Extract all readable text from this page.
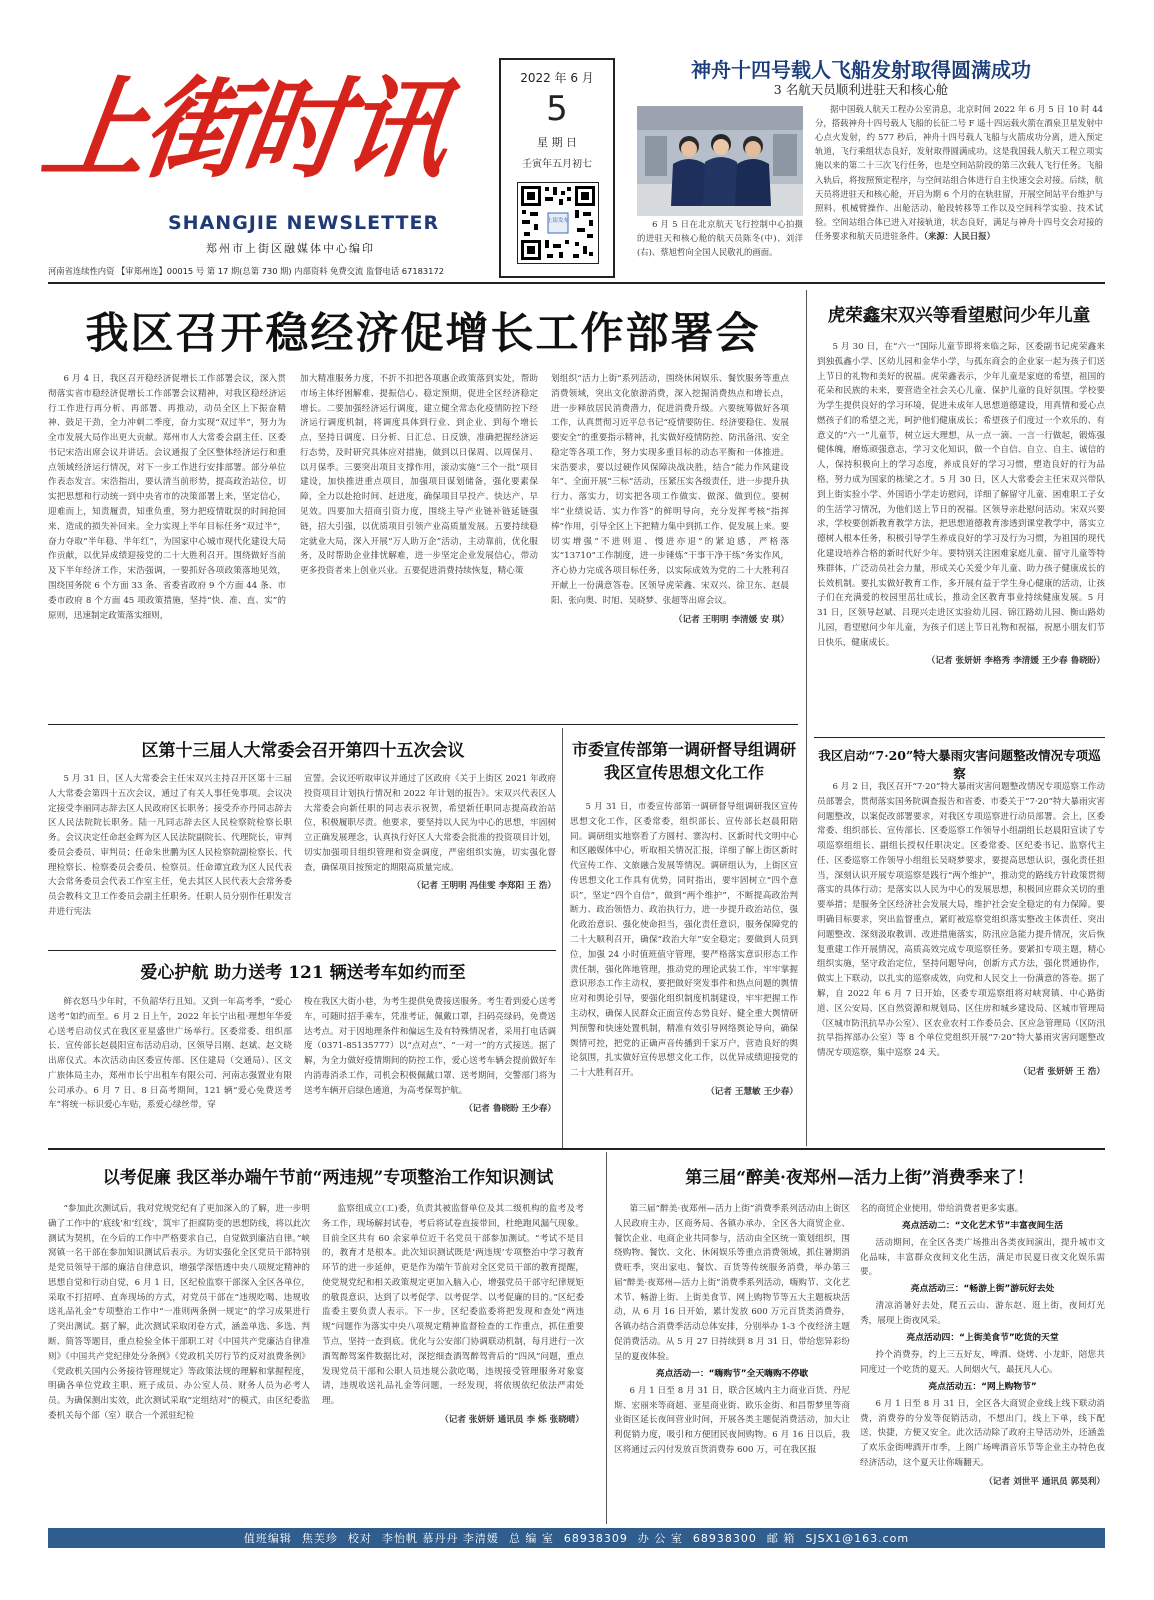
上街时讯
SHANGJIE NEWSLETTER
郑州市上街区融媒体中心编印
河南省连续性内资 【审郑州连】00015 号 第 17 期(总第 730 期) 内部资料 免费交流 监督电话 67183172
2022 年 6 月
5
星 期 日
壬寅年五月初七
上街发布
神舟十四号载人飞船发射取得圆满成功
3 名航天员顺利进驻天和核心舱
6 月 5 日在北京航天飞行控制中心拍摄的进驻天和核心舱的航天员陈冬(中)、刘洋(右)、蔡旭哲向全国人民敬礼的画面。
据中国载人航天工程办公室消息，北京时间 2022 年 6 月 5 日 10 时 44 分，搭载神舟十四号载人飞船的长征二号 F 遥十四运载火箭在酒泉卫星发射中心点火发射，约 577 秒后，神舟十四号载人飞船与火箭成功分离，进入预定轨道，飞行乘组状态良好，发射取得圆满成功。这是我国载人航天工程立项实施以来的第二十三次飞行任务，也是空间站阶段的第三次载人飞行任务。飞船入轨后，将按照预定程序，与空间站组合体进行自主快速交会对接。后续，航天员将进驻天和核心舱，开启为期 6 个月的在轨驻留，开展空间站平台维护与照料、机械臂操作、出舱活动、舱段转移等工作以及空间科学实验、技术试验。空间站组合体已进入对接轨道，状态良好，满足与神舟十四号交会对接的任务要求和航天员进驻条件。（来源：人民日报）
我区召开稳经济促增长工作部署会
6 月 4 日，我区召开稳经济促增长工作部署会议，深入贯彻落实省市稳经济促增长工作部署会议精神，对我区稳经济运行工作进行再分析、再部署、再推动，动员全区上下振奋精神、鼓足干劲，全力冲刺二季度，奋力实现“双过半”，努力为全市发展大局作出更大贡献。郑州市人大常委会副主任、区委书记宋浩出席会议并讲话。会议通报了全区整体经济运行和重点领域经济运行情况，对下一步工作进行安排部署。部分单位作表态发言。宋浩指出，要认清当前形势，提高政治站位，切实把思想和行动统一到中央省市的决策部署上来，坚定信心，迎难而上，知责履责，知重负重，努力把疫情耽误的时间抢回来、造成的损失补回来。全力实现上半年目标任务“双过半”，奋力夺取“半年稳、半年红”，为国家中心城市现代化建设大局作贡献，以优异成绩迎接党的二十大胜利召开。围绕做好当前及下半年经济工作，宋浩强调，一要抓好各项政策落地见效，围绕国务院 6 个方面 33 条、省委省政府 9 个方面 44 条、市委市政府 8 个方面 45 项政策措施，坚持“快、准、直、实”的原则，迅速制定政策落实细则，
加大精准服务力度，不折不扣把各项惠企政策落到实处，帮助市场主体纾困解难、提振信心、稳定预期，促进全区经济稳定增长。二要加强经济运行调度，建立健全常态化疫情防控下经济运行调度机制，将调度具体到行业、到企业、到每个增长点，坚持日调度、日分析、日汇总、日反馈，准确把握经济运行态势，及时研究具体应对措施，做到以日保周、以周保月、以月保季。三要突出项目支撑作用，滚动实施“三个一批”项目建设，加快推进重点项目，加强项目谋划储备，强化要素保障，全力以赴抢时间、赶进度，确保项目早投产、快达产、早见效。四要加大招商引资力度，围绕主导产业链补链延链强链，招大引强，以优质项目引领产业高质量发展。五要持续稳定就业大局，深入开展“万人助万企”活动，主动靠前，优化服务，及时帮助企业排忧解难，进一步坚定企业发展信心，带动更多投资者来上创业兴业。五要促进消费持续恢复，精心策
划组织“活力上街”系列活动，围绕休闲娱乐、餐饮服务等重点消费领域，突出文化旅游消费，深入挖掘消费热点和增长点，进一步释放居民消费潜力，促进消费升级。六要统筹做好各项工作，认真贯彻习近平总书记“疫情要防住、经济要稳住、发展要安全”的重要指示精神，扎实做好疫情防控、防汛备汛、安全稳定等各项工作，努力实现多重目标的动态平衡和一体推进。宋浩要求，要以过硬作风保障决战决胜，结合“能力作风建设年”、全面开展“三标”活动，压紧压实各级责任，进一步提升执行力、落实力，切实把各项工作做实、做深、做到位。要树牢“业绩说话、实力作答”的鲜明导向，充分发挥考核“指挥棒”作用，引导全区上下把精力集中到抓工作、促发展上来。要切实增强“不进则退、慢进亦退”的紧迫感，严格落实“13710”工作制度，进一步锤炼“干事干净干练”务实作风，齐心协力完成各项目标任务，以实际成效为党的二十大胜利召开献上一份满意答卷。区领导虎荣鑫、宋双兴、徐卫东、赵晨阳、张向奥、时旭、吴晓梦、张超等出席会议。
（记者 王明明 李清媛 安 琪）
虎荣鑫宋双兴等看望慰问少年儿童
5 月 30 日，在“六一”国际儿童节即将来临之际，区委副书记虎荣鑫来到独孤鑫小学、区幼儿园和金华小学，与孤东商会的企业家一起为孩子们送上节日的礼物和美好的祝福。虎荣鑫表示，少年儿童是家庭的希望，祖国的花朵和民族的未来，要营造全社会关心儿童、保护儿童的良好氛围。学校要为学生提供良好的学习环境，促进未成年人思想道德建设，用真情和爱心点燃孩子们的希望之光，呵护他们健康成长；希望孩子们度过一个欢乐的、有意义的“六一”儿童节，树立远大理想，从一点一滴、一言一行做起，锻炼强健体魄，磨炼顽强意志，学习文化知识，做一个自信、自立、自主、诚信的人，保持积极向上的学习态度，养成良好的学习习惯，塑造良好的行为品格，努力成为国家的栋梁之才。5 月 30 日，区人大常委会主任宋双兴带队到上街实验小学、外国语小学走访慰问，详细了解留守儿童、困难职工子女的生活学习情况，为他们送上节日的祝福。区领导亲赴慰问活动。宋双兴要求，学校要创新教育教学方法，把思想道德教育渗透到课堂教学中，落实立德树人根本任务，积极引导学生养成良好的学习及行为习惯，为祖国的现代化建设培养合格的新时代好少年。要特别关注困难家庭儿童、留守儿童等特殊群体，广泛动员社会力量，形成关心关爱少年儿童、助力孩子健康成长的长效机制。要扎实做好教育工作，多开展有益于学生身心健康的活动，让孩子们在充满爱的校园里茁壮成长，推动全区教育事业持续健康发展。5 月 31 日，区领导赵斌、吕现兴走进区实验幼儿园、锦江路幼儿园、衡山路幼儿园，看望慰问少年儿童，为孩子们送上节日礼物和祝福，祝愿小朋友们节日快乐，健康成长。
（记者 张妍妍 李格秀 李清媛 王少春 鲁晓盼）
我区启动“7·20”特大暴雨灾害问题整改情况专项巡察
6 月 2 日，我区召开“7·20”特大暴雨灾害问题整改情况专项巡察工作动员部署会，贯彻落实国务院调查报告和省委、市委关于“7·20”特大暴雨灾害问题整改，以案促改部署要求，对我区专项巡察进行动员部署。会上，区委常委、组织部长、宣传部长、区委巡察工作领导小组副组长赵晨阳宣读了专项巡察组组长、副组长授权任职决定。区委常委、区纪委书记、监察代主任、区委巡察工作领导小组组长吴晓梦要求，要提高思想认识，强化责任担当，深刻认识开展专项巡察是践行“两个维护”，推动党的路线方针政策贯彻落实的具体行动；是落实以人民为中心的发展思想，积极回应群众关切的重要举措；是服务全区经济社会发展大局，维护社会安全稳定的有力保障。要明确目标要求，突出监督重点，紧盯被巡察党组织落实整改主体责任、突出问题整改、深刻汲取教训、改进措施落实，防汛应急能力提升情况，灾后恢复重建工作开展情况，高质高效完成专项巡察任务。要紧扣专项主题，精心组织实施，坚守政治定位，坚持问题导向，创新方式方法，强化贯通协作，做实上下联动，以扎实的巡察成效，向党和人民交上一份满意的答卷。据了解，自 2022 年 6 月 7 日开始，区委专项巡察组将对峡窝镇、中心路街道、区公安局、区自然资源和规划局、区住房和城乡建设局、区城市管理局（区城市防汛抗旱办公室）、区农业农村工作委员会、区应急管理局（区防汛抗旱指挥部办公室）等 8 个单位党组织开展“7·20”特大暴雨灾害问题整改情况专项巡察，集中巡察 24 天。
（记者 张妍妍 王 浩）
区第十三届人大常委会召开第四十五次会议
5 月 31 日，区人大常委会主任宋双兴主持召开区第十三届人大常委会第四十五次会议，通过了有关人事任免事项。会议决定接受李丽同志辞去区人民政府区长职务；接受乔亦丹同志辞去区人民法院院长职务。陆一凡同志辞去区人民检察院检察长职务。会议决定任命赵金辉为区人民法院副院长、代理院长，审判委员会委员、审判员；任命朱世鹏为区人民检察院副检察长、代理检察长、检察委员会委员、检察员。任命谭宜政为区人民代表大会常务委员会代表工作室主任，免去其区人民代表大会常务委员会教科文卫工作委员会副主任职务。任职人员分别作任职发言并进行宪法
宣誓。会议还听取审议并通过了区政府《关于上街区 2021 年政府投资项目计划执行情况和 2022 年计划的报告》。宋双兴代表区人大常委会向新任职的同志表示祝贺，希望新任职同志提高政治站位，积极履职尽责。他要求，要坚持以人民为中心的思想，牢固树立正确发展理念，认真执行好区人大常委会批准的投资项目计划，切实加强项目组织管理和资金调度，严密组织实施，切实强化督查，确保项目按预定的期限高质量完成。
（记者 王明明 冯佳雯 李郑阳 王 浩）
市委宣传部第一调研督导组调研我区宣传思想文化工作
5 月 31 日，市委宣传部第一调研督导组调研我区宣传思想文化工作，区委常委，组织部长、宣传部长赵晨阳陪同。调研组实地察看了方圆村、寨沟村、区新时代文明中心和区融媒体中心，听取相关情况汇报，详细了解上街区新时代宣传工作、文旅融合发展等情况。调研组认为，上街区宣传思想文化工作具有优势，同时指出，要牢固树立“四个意识”，坚定“四个自信”，做到“两个维护”，不断提高政治判断力、政治领悟力、政治执行力，进一步提升政治站位，强化政治意识、强化使命担当，强化责任意识，服务保障党的二十大顺利召开，确保“政治大年”安全稳定；要做到人员到位，加强 24 小时值班值守管理，要严格落实意识形态工作责任制，强化阵地管理，推动党的理论武装工作，牢牢掌握意识形态工作主动权，要把做好突发事件和热点问题的舆情应对和舆论引导，要强化组织制度机制建设，牢牢把握工作主动权，确保人民群众正面宣传态势良好、健全重大舆情研判预警和快速处置机制，精准有效引导网络舆论导向，确保舆情可控，把党的正确声音传播到千家万户，营造良好的舆论氛围，扎实做好宣传思想文化工作，以优异成绩迎接党的二十大胜利召开。
（记者 王慧敏 王少春）
爱心护航 助力送考 121 辆送考车如约而至
鲜衣怒马少年时，不负韶华行且知。又到一年高考季，“爱心送考”如约而至。6 月 2 日上午，2022 年长宁出租·理想年华爱心送考启动仪式在我区亚星盛世广场举行。区委常委、组织部长、宣传部长赵晨阳宣布活动启动，区领导吕刚、赵斌、赵文晓出席仪式。本次活动由区委宣传部、区住建局（交通局）、区文广旅体局主办，郑州市长宁出租车有限公司、河南志强置业有限公司承办。6 月 7 日、8 日高考期间，121 辆“爱心免费送考车”将统一标识爱心车贴，系爱心绿丝带，穿
梭在我区大街小巷，为考生提供免费接送服务。考生看到爱心送考车，可随时招手乘车，凭准考证，佩戴口罩，扫码亮绿码，免费送达考点。对于因地理条件和偏远生及有特殊情况者，采用打电话调度（0371-85135777）以“点对点”、“一对一”的方式接送。据了解，为全力做好疫情期间的防控工作，爱心送考车辆会提前做好车内消毒消杀工作，司机会积极佩戴口罩、送考期间，交警部门将为送考车辆开启绿色通道，为高考保驾护航。
（记者 鲁晓盼 王少春）
以考促廉 我区举办端午节前“两违规”专项整治工作知识测试
“参加此次测试后，我对党规党纪有了更加深入的了解，进一步明确了工作中的‘底线’和‘红线’，筑牢了拒腐防变的思想防线，将以此次测试为契机，在今后的工作中严格要求自己，自觉做到廉洁自律。”峡窝镇一名干部在参加知识测试后表示。为切实强化全区党员干部特别是党员领导干部的廉洁自律意识，增强学深悟透中央八项规定精神的思想自觉和行动自觉，6 月 1 日，区纪检监察干部深入全区各单位，采取不打招呼、直奔现场的方式，对党员干部在“违规吃喝、违规收送礼品礼金”专项整治工作中“一准则两条例一规定”的学习成果进行了突出测试。据了解，此次测试采取闭卷方式，涵盖单选、多选、判断、简答等题目，重点检验全体干部职工对《中国共产党廉洁自律准则》《中国共产党纪律处分条例》《党政机关厉行节约反对浪费条例》《党政机关国内公务接待管理规定》等政策法规的理解和掌握程度，明确各单位党政主职、班子成员、办公室人员、财务人员为必考人员。为确保测出实效，此次测试采取“定组结对”的模式，由区纪委监委机关每个部（室）联合一个派驻纪检
监察组成立(工)委，负责其被监督单位及其二级机构的监考及考务工作，现场解封试卷，考后将试卷直接带回，杜绝跑风漏气现象。目前全区共有 60 余家单位近千名党员干部参加测试。“考试不是目的，教育才是根本。此次知识测试既是‘两违规’专项整治中学习教育环节的进一步延伸，更是作为端午节前对全区党员干部的教育提醒，使党规党纪和相关政策规定更加入脑入心，增强党员干部守纪律规矩的敬畏意识，达到了以考促学、以考促学、以考促廉的目的。”区纪委监委主要负责人表示。下一步，区纪委监委将把发现和查处“两违规”问题作为落实中央八项规定精神监督检查的工作重点，抓住重要节点，坚持一查到底。优化与公安部门协调联动机制，每月进行一次酒驾醉驾案件数据比对，深挖细查酒驾醉驾背后的“四风”问题，重点发现党员干部和公职人员违规公款吃喝，违规接受管理服务对象宴请，违规收送礼品礼金等问题，一经发现，将依规依纪依法严肃处理。
（记者 张妍妍 通讯员 李 烁 张晓晴）
第三届“醉美·夜郑州—活力上街”消费季来了！
第三届“醉美·夜郑州—活力上街”消费季系列活动由上街区人民政府主办，区商务局、各镇办承办，全区各大商贸企业、餐饮企业、电商企业共同参与，活动由全区统一策划组织，围绕购物、餐饮、文化、休闲娱乐等重点消费领域，抓住暑期消费旺季，突出家电、餐饮、百货等传统服务消费，举办第三届“醉美·夜郑州—活力上街”消费季系列活动，嗨购节、文化艺术节、畅游上街、上街美食节、网上购物节等五大主题板块活动，从 6 月 16 日开始，累计发放 600 万元百货类消费券，各镇办结合消费季活动总体安排，分别举办 1-3 个夜经济主题促消费活动。从 5 月 27 日持续到 8 月 31 日，带给您异彩纷呈的夏夜体验。
亮点活动一：“嗨购节”全天嗨购不停歇
6 月 1 日至 8 月 31 日，联合区域内主力商业百货、丹尼斯、宏丽来等商超、亚星商业街、欧乐金街、和昌帮梦里等商业街区延长夜间营业时间，开展各类主题促消费活动，加大让利促销力度，吸引和方便团民夜间购物。6 月 16 日以后，我区将通过云闪付发放百货消费券 600 万，可在我区报
名的商贸企业使用，带给消费者更多实惠。
亮点活动二：“文化艺术节”丰富夜间生活
活动期间，在全区各类广场推出各类夜间演出，提升城市文化品味，丰富群众夜间文化生活，满足市民夏日夜文化娱乐需要。
亮点活动三：“畅游上街”游玩好去处
清凉消暑好去处，爬五云山、游东赵、逛上街，夜间灯光秀，展现上街夜风采。
亮点活动四：“上街美食节”吃货的天堂
拎个消费券，约上三五好友，啤酒、烧烤、小龙虾，陪您共同度过一个吃货的夏天。人间烟火气，最抚凡人心。
亮点活动五：“网上购物节”
6 月 1 日至 8 月 31 日，全区各大商贸企业线上线下联动消费，消费券的分发等促销活动，不想出门，线上下单，线下配送，快捷，方便又安全。此次活动除了政府主导活动外，还涵盖了欢乐金街啤酒开市季，上阁广场啤酒音乐节等企业主办特色夜经济活动，这个夏天让你嗨翻天。
（记者 刘世平 通讯员 郭昊利）
值班编辑 焦芙珍 校对 李怡帆 慕丹丹 李清媛 总 编 室 68938309 办 公 室 68938300 邮 箱 SJSX1@163.com
